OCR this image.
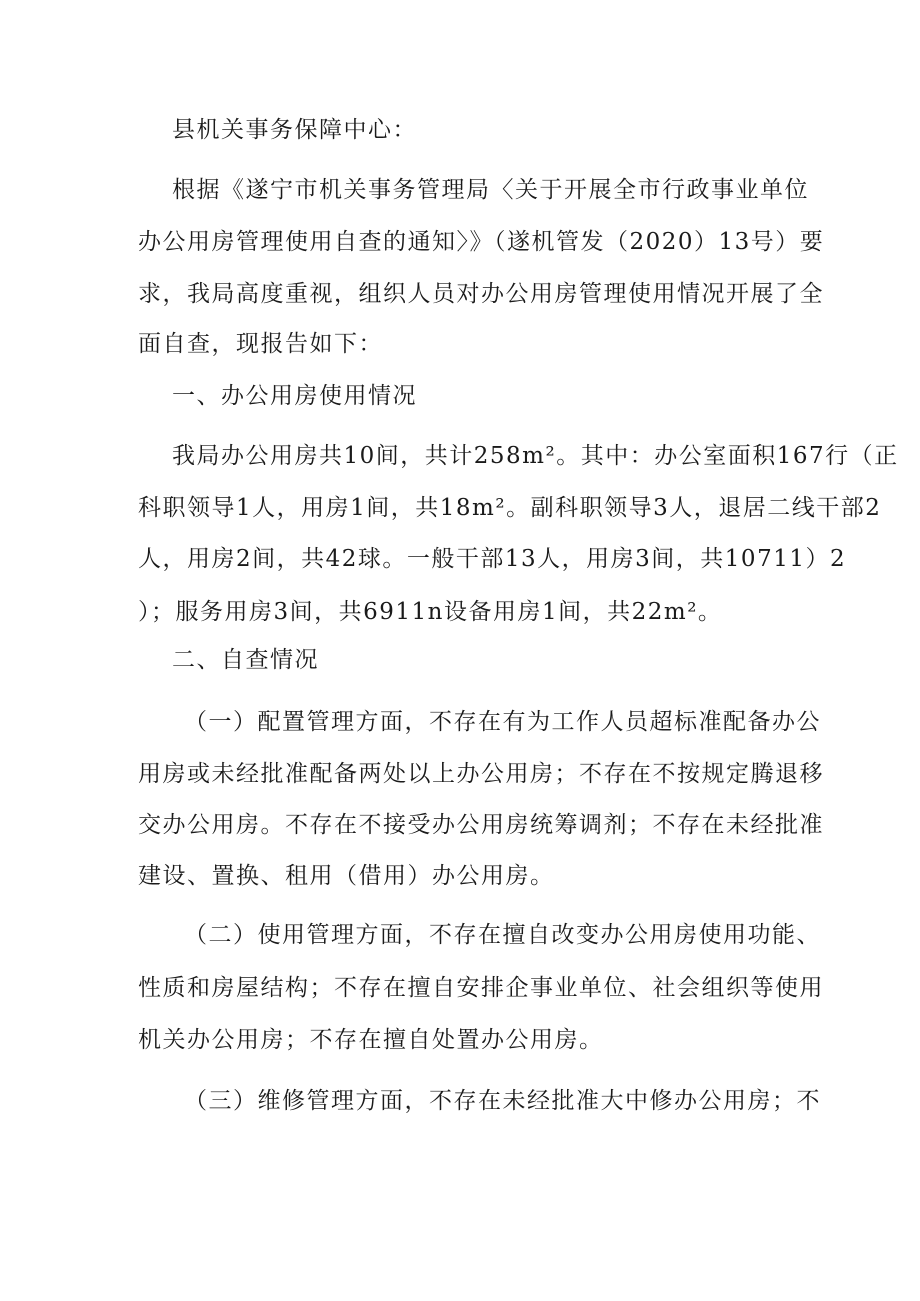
县机关事务保障中心：
根据《遂宁市机关事务管理局〈关于开展全市行政事业单位
办公用房管理使用自查的通知〉》（遂机管发（2020）13号）要
求，我局高度重视，组织人员对办公用房管理使用情况开展了全
面自查，现报告如下：
一、办公用房使用情况
我局办公用房共10间，共计258m²。其中：办公室面积167行（正
科职领导1人，用房1间，共18m²。副科职领导3人，退居二线干部2
人，用房2间，共42球。一般干部13人，用房3间，共10711）2
）；服务用房3间，共6911n设备用房1间，共22m²。
二、自查情况
（一）配置管理方面，不存在有为工作人员超标准配备办公
用房或未经批准配备两处以上办公用房；不存在不按规定腾退移
交办公用房。不存在不接受办公用房统筹调剂；不存在未经批准
建设、置换、租用（借用）办公用房。
（二）使用管理方面，不存在擅自改变办公用房使用功能、
性质和房屋结构；不存在擅自安排企事业单位、社会组织等使用
机关办公用房；不存在擅自处置办公用房。
（三）维修管理方面，不存在未经批准大中修办公用房；不
